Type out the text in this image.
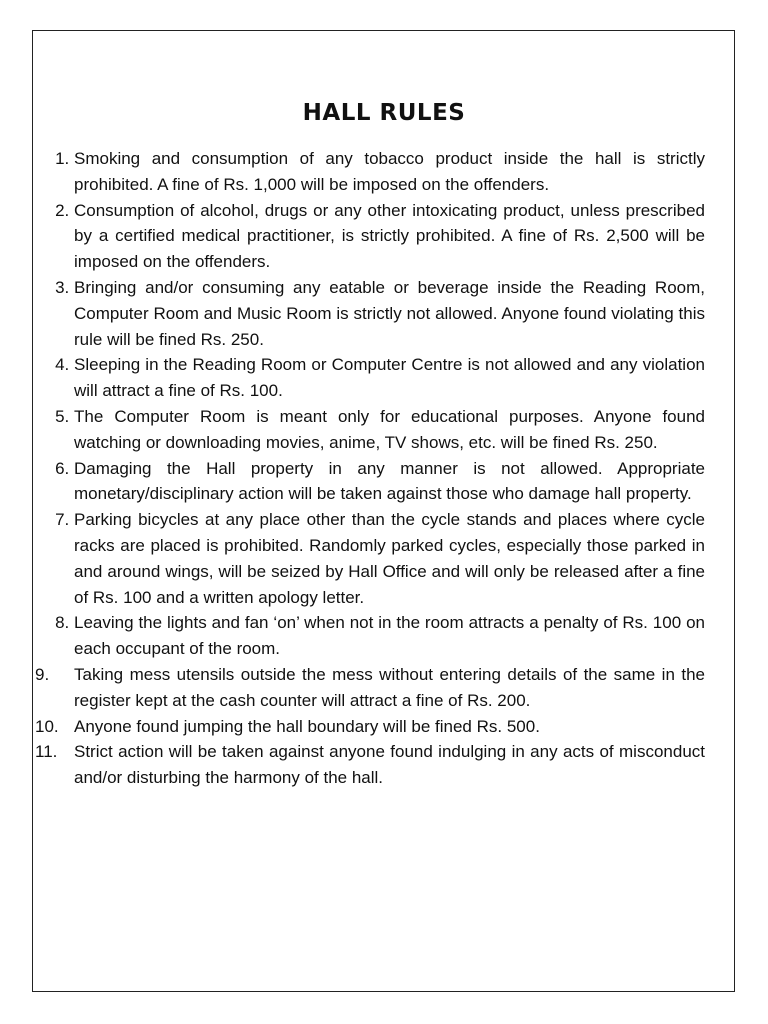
HALL RULES
1. Smoking and consumption of any tobacco product inside the hall is strictly prohibited. A fine of Rs. 1,000 will be imposed on the offenders.
2. Consumption of alcohol, drugs or any other intoxicating product, unless prescribed by a certified medical practitioner, is strictly prohibited. A fine of Rs. 2,500 will be imposed on the offenders.
3. Bringing and/or consuming any eatable or beverage inside the Reading Room, Computer Room and Music Room is strictly not allowed. Anyone found violating this rule will be fined Rs. 250.
4. Sleeping in the Reading Room or Computer Centre is not allowed and any violation will attract a fine of Rs. 100.
5. The Computer Room is meant only for educational purposes. Anyone found watching or downloading movies, anime, TV shows, etc. will be fined Rs. 250.
6. Damaging the Hall property in any manner is not allowed. Appropriate monetary/disciplinary action will be taken against those who damage hall property.
7. Parking bicycles at any place other than the cycle stands and places where cycle racks are placed is prohibited. Randomly parked cycles, especially those parked in and around wings, will be seized by Hall Office and will only be released after a fine of Rs. 100 and a written apology letter.
8. Leaving the lights and fan ‘on’ when not in the room attracts a penalty of Rs. 100 on each occupant of the room.
9.	Taking mess utensils outside the mess without entering details of the same in the register kept at the cash counter will attract a fine of Rs. 200.
10. Anyone found jumping the hall boundary will be fined Rs. 500.
11. Strict action will be taken against anyone found indulging in any acts of misconduct and/or disturbing the harmony of the hall.
